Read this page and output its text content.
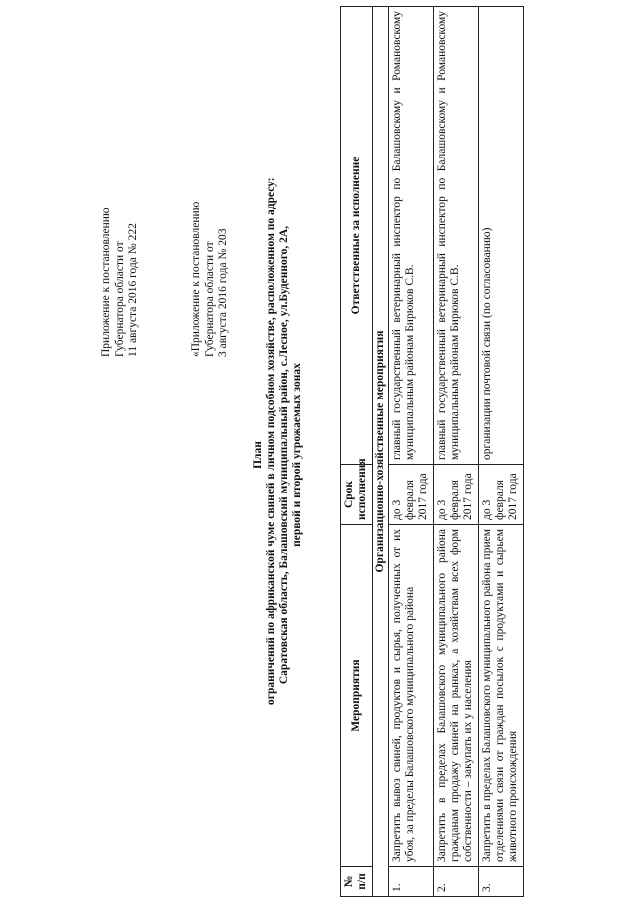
Приложение к постановлению Губернатора области от 11 августа 2016 года № 222	«Приложение к постановлению Губернатора области от 3 августа 2016 года № 203
План ограничений по африканской чуме свиней в личном подсобном хозяйстве, расположенном по адресу: Саратовская область, Балашовский муниципальный район, с.Лесное, ул.Буденного, 2А, первой и второй угрожаемых зонах
№ п/п	Мероприятия	Срок исполнения	Ответственные за исполнение
Организационно-хозяйственные мероприятия			
1.	Запретить вывоз свиней, продуктов и сырья, полученных от их убоя, за пределы Балашовского муниципального района	до 3 февраля 2017 года	главный государственный ветеринарный инспектор по Балашовскому и Романовскому муниципальным районам Бирюков С.В.
2.	Запретить в пределах Балашовского муниципального района гражданам продажу свиней на рынках, а хозяйствам всех форм собственности – закупать их у населения	до 3 февраля 2017 года	главный государственный ветеринарный инспектор по Балашовскому и Романовскому муниципальным районам Бирюков С.В.
3.	Запретить в пределах Балашовского муниципального района прием отделениями связи от граждан посылок с продуктами и сырьем животного происхождения	до 3 февраля 2017 года	организации почтовой связи (по согласованию)
